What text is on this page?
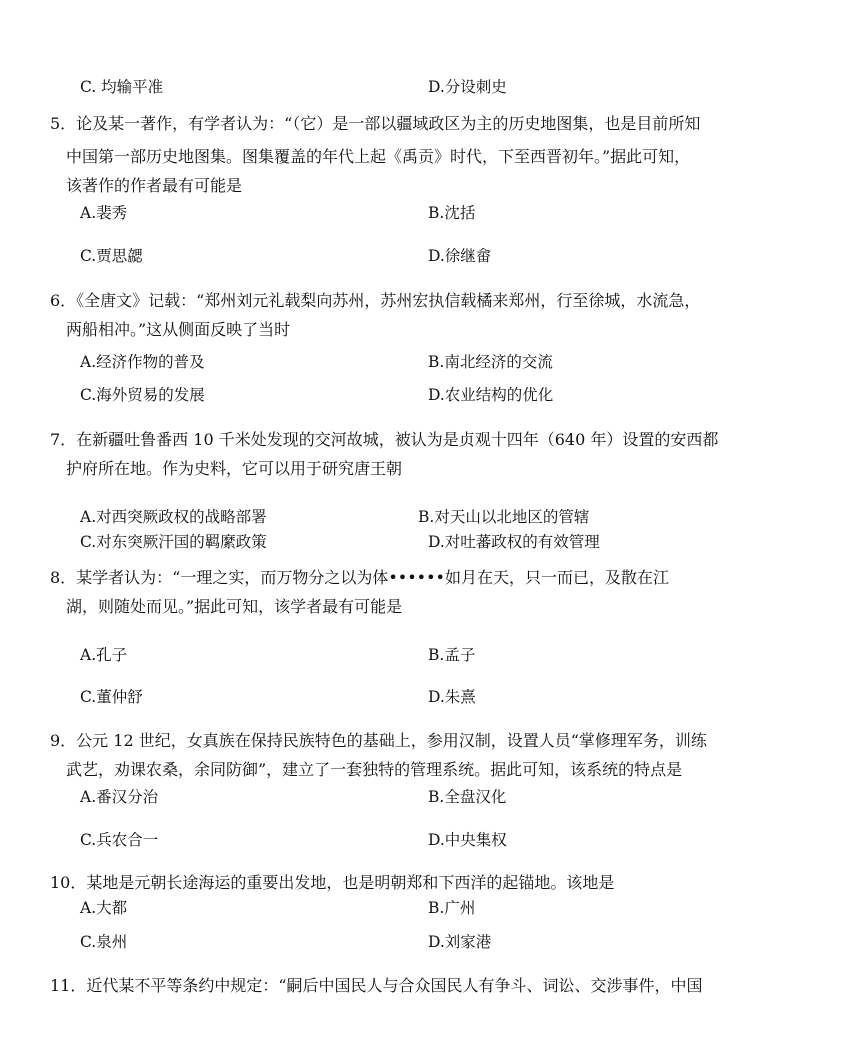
C. 均输平准	D.分设刺史
5．论及某一著作，有学者认为：“（它）是一部以疆域政区为主的历史地图集，也是目前所知
中国第一部历史地图集。图集覆盖的年代上起《禹贡》时代，下至西晋初年。”据此可知，
该著作的作者最有可能是
A.裴秀	B.沈括
C.贾思勰	D.徐继畲
6．《全唐文》记载：“郑州刘元礼载梨向苏州，苏州宏执信载橘来郑州，行至徐城，水流急，
两船相冲。”这从侧面反映了当时
A.经济作物的普及	B.南北经济的交流
C.海外贸易的发展	D.农业结构的优化
7．在新疆吐鲁番西 10 千米处发现的交河故城，被认为是贞观十四年（640 年）设置的安西都
护府所在地。作为史料，它可以用于研究唐王朝
A.对西突厥政权的战略部署	B.对天山以北地区的管辖
C.对东突厥汗国的羁縻政策	D.对吐蕃政权的有效管理
8．某学者认为：“一理之实，而万物分之以为体••••••如月在天，只一而已，及散在江
湖，则随处而见。”据此可知，该学者最有可能是
A.孔子	B.孟子
C.董仲舒	D.朱熹
9．公元 12 世纪，女真族在保持民族特色的基础上，参用汉制，设置人员“掌修理军务，训练
武艺，劝课农桑，余同防御”，建立了一套独特的管理系统。据此可知，该系统的特点是
A.番汉分治	B.全盘汉化
C.兵农合一	D.中央集权
10．某地是元朝长途海运的重要出发地，也是明朝郑和下西洋的起锚地。该地是
A.大都	B.广州
C.泉州	D.刘家港
11．近代某不平等条约中规定：“嗣后中国民人与合众国民人有争斗、词讼、交涉事件，中国
